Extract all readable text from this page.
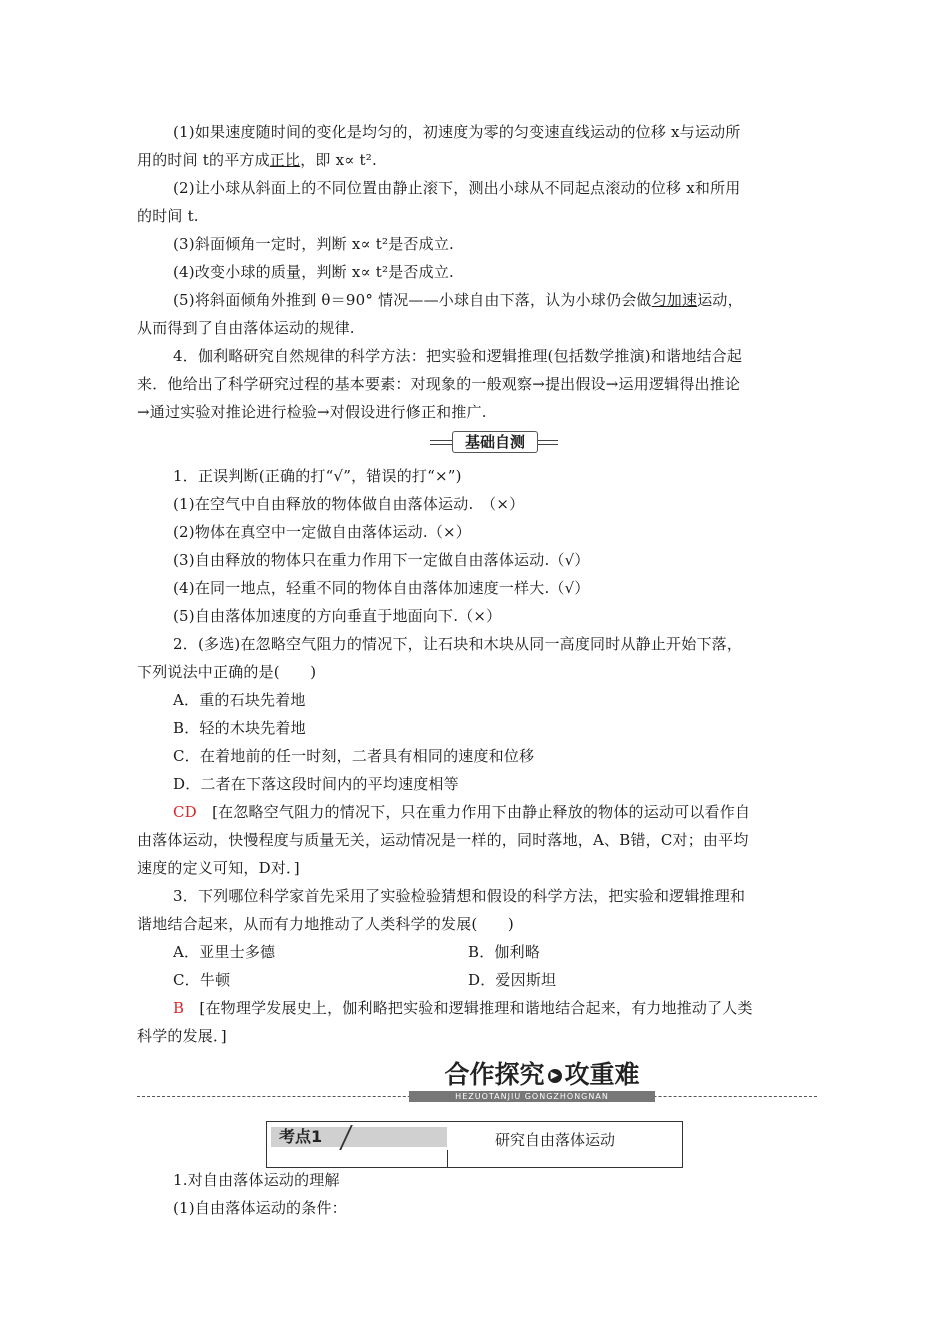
(1)如果速度随时间的变化是均匀的，初速度为零的匀变速直线运动的位移 x与运动所
用的时间 t的平方成正比，即 x∝ t².
(2)让小球从斜面上的不同位置由静止滚下，测出小球从不同起点滚动的位移 x和所用
的时间 t.
(3)斜面倾角一定时，判断 x∝ t²是否成立.
(4)改变小球的质量，判断 x∝ t²是否成立.
(5)将斜面倾角外推到 θ＝90° 情况——小球自由下落，认为小球仍会做匀加速运动，
从而得到了自由落体运动的规律.
4．伽利略研究自然规律的科学方法：把实验和逻辑推理(包括数学推演)和谐地结合起
来．他给出了科学研究过程的基本要素：对现象的一般观察→提出假设→运用逻辑得出推论
→通过实验对推论进行检验→对假设进行修正和推广.
基础自测
1．正误判断(正确的打“√”，错误的打“×”)
(1)在空气中自由释放的物体做自由落体运动.　（×）
(2)物体在真空中一定做自由落体运动.（×）
(3)自由释放的物体只在重力作用下一定做自由落体运动.（√）
(4)在同一地点，轻重不同的物体自由落体加速度一样大.（√）
(5)自由落体加速度的方向垂直于地面向下.（×）
2．(多选)在忽略空气阻力的情况下，让石块和木块从同一高度同时从静止开始下落，
下列说法中正确的是(　　)
A．重的石块先着地
B．轻的木块先着地
C．在着地前的任一时刻，二者具有相同的速度和位移
D．二者在下落这段时间内的平均速度相等
CD　[在忽略空气阻力的情况下，只在重力作用下由静止释放的物体的运动可以看作自
由落体运动，快慢程度与质量无关，运动情况是一样的，同时落地，A、B错，C对；由平均
速度的定义可知，D对．]
3．下列哪位科学家首先采用了实验检验猜想和假设的科学方法，把实验和逻辑推理和
谐地结合起来，从而有力地推动了人类科学的发展(　　)
A．亚里士多德	B．伽利略
C．牛顿	D．爱因斯坦
B　[在物理学发展史上，伽利略把实验和逻辑推理和谐地结合起来，有力地推动了人类
科学的发展．]
合作探究 ▶ 攻重难
HEZUOTANJIU GONGZHONGNAN
考点1	研究自由落体运动
1.对自由落体运动的理解
(1)自由落体运动的条件：
